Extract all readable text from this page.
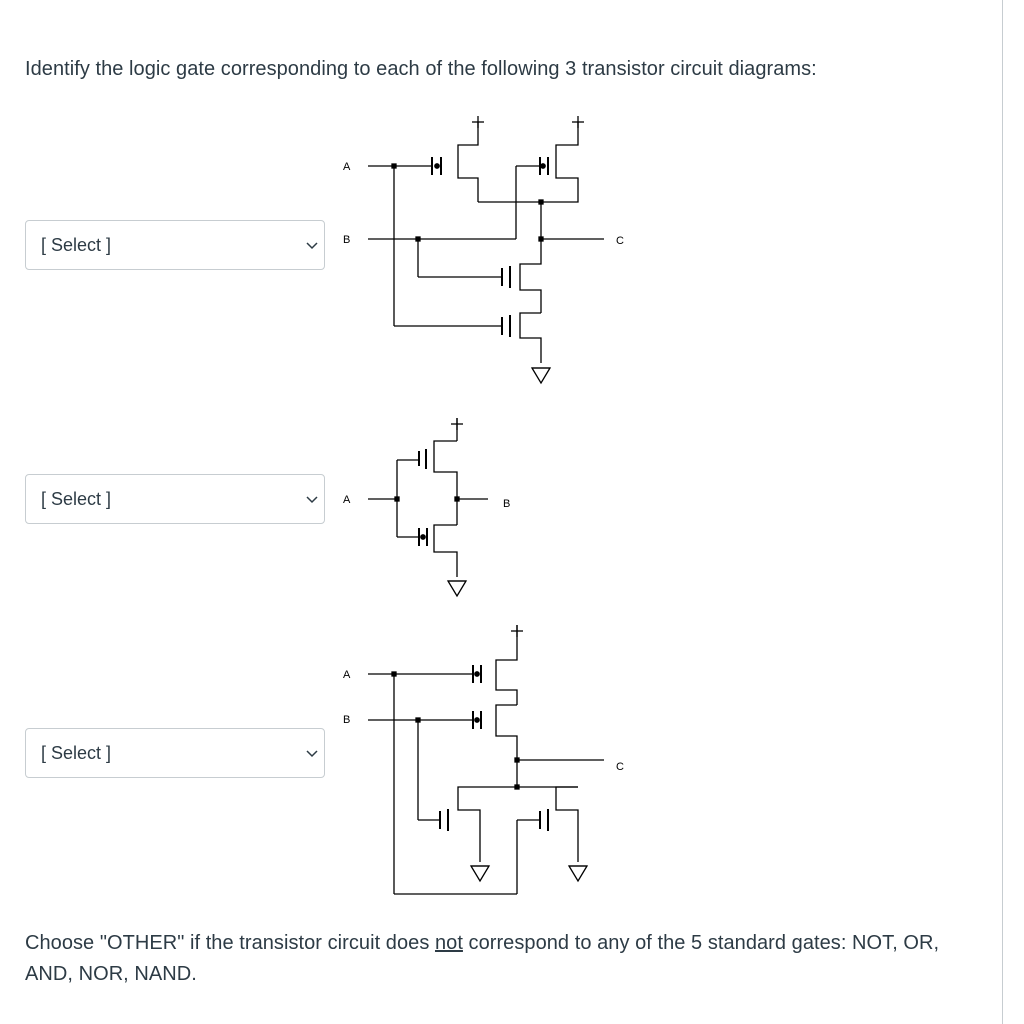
Identify the logic gate corresponding to each of the following 3 transistor circuit diagrams:
[ Select ]
[ Select ]
[ Select ]
A
B	C
A	B
A
B
C
Choose "OTHER" if the transistor circuit does not correspond to any of the 5 standard gates: NOT, OR, AND, NOR, NAND.
